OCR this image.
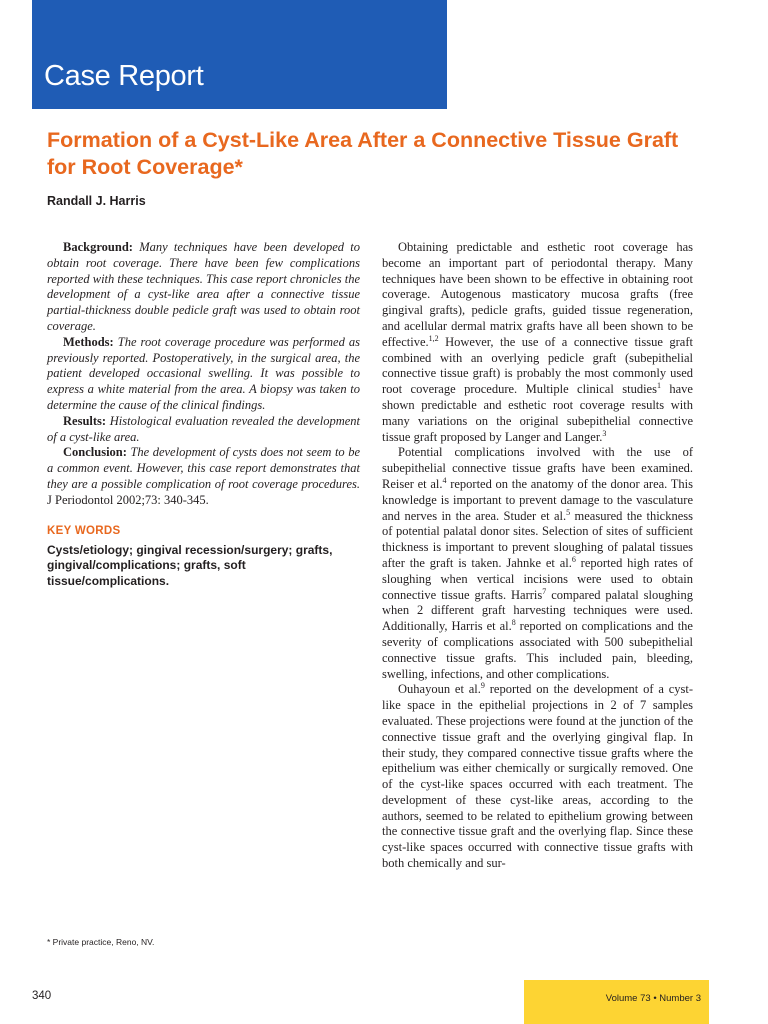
Case Report
Formation of a Cyst-Like Area After a Connective Tissue Graft for Root Coverage*
Randall J. Harris

Background: Many techniques have been developed to obtain root coverage. There have been few complications reported with these techniques. This case report chronicles the development of a cyst-like area after a connective tissue partial-thickness double pedicle graft was used to obtain root coverage.

Methods: The root coverage procedure was performed as previously reported. Postoperatively, in the surgical area, the patient developed occasional swelling. It was possible to express a white material from the area. A biopsy was taken to determine the cause of the clinical findings.

Results: Histological evaluation revealed the development of a cyst-like area.

Conclusion: The development of cysts does not seem to be a common event. However, this case report demonstrates that they are a possible complication of root coverage procedures. J Periodontol 2002;73: 340-345.

KEY WORDS
Cysts/etiology; gingival recession/surgery; grafts, gingival/complications; grafts, soft tissue/complications.

Obtaining predictable and esthetic root coverage has become an important part of periodontal therapy. Many techniques have been shown to be effective in obtaining root coverage. Autogenous masticatory mucosa grafts (free gingival grafts), pedicle grafts, guided tissue regeneration, and acellular dermal matrix grafts have all been shown to be effective.$^{1,2}$ However, the use of a connective tissue graft combined with an overlying pedicle graft (subepithelial connective tissue graft) is probably the most commonly used root coverage procedure. Multiple clinical studies$^1$ have shown predictable and esthetic root coverage results with many variations on the original subepithelial connective tissue graft proposed by Langer and Langer.$^3$

Potential complications involved with the use of subepithelial connective tissue grafts have been examined. Reiser et al.$^4$ reported on the anatomy of the donor area. This knowledge is important to prevent damage to the vasculature and nerves in the area. Studer et al.$^5$ measured the thickness of potential palatal donor sites. Selection of sites of sufficient thickness is important to prevent sloughing of palatal tissues after the graft is taken. Jahnke et al.$^6$ reported high rates of sloughing when vertical incisions were used to obtain connective tissue grafts. Harris$^7$ compared palatal sloughing when 2 different graft harvesting techniques were used. Additionally, Harris et al.$^8$ reported on complications and the severity of complications associated with 500 subepithelial connective tissue grafts. This included pain, bleeding, swelling, infections, and other complications.

Ouhayoun et al.$^9$ reported on the development of a cyst-like space in the epithelial projections in 2 of 7 samples evaluated. These projections were found at the junction of the connective tissue graft and the overlying gingival flap. In their study, they compared connective tissue grafts where the epithelium was either chemically or surgically removed. One of the cyst-like spaces occurred with each treatment. The development of these cyst-like areas, according to the authors, seemed to be related to epithelium growing between the connective tissue graft and the overlying flap. Since these cyst-like spaces occurred with connective tissue grafts with both chemically and sur-

* Private practice, Reno, NV.
340	Volume 73 • Number 3
